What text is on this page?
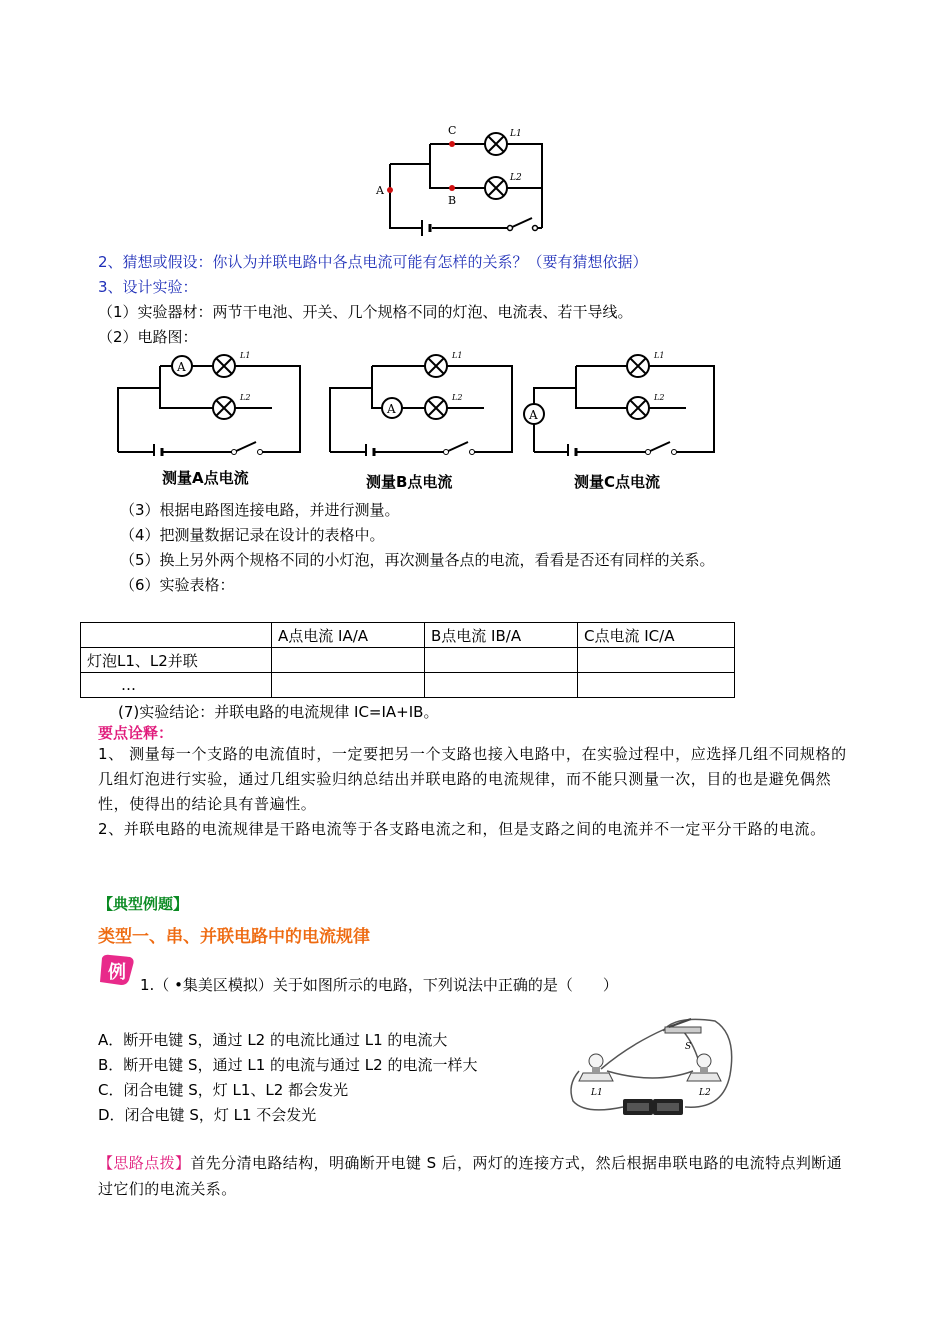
C
B
A
L1
L2
2、猜想或假设：你认为并联电路中各点电流可能有怎样的关系？（要有猜想依据）
3、设计实验：
（1）实验器材：两节干电池、开关、几个规格不同的灯泡、电流表、若干导线。
（2）电路图：
A
L1
L2
测量A点电流
A
L1
L2
测量B点电流
A
L1
L2
测量C点电流
（3）根据电路图连接电路，并进行测量。
（4）把测量数据记录在设计的表格中。
（5）换上另外两个规格不同的小灯泡，再次测量各点的电流，看看是否还有同样的关系。
（6）实验表格：
	A点电流 IA/A	B点电流 IB/A	C点电流 IC/A
灯泡L1、L2并联			
…			
(7)实验结论：并联电路的电流规律 IC=IA+IB。
要点诠释：
1、 测量每一个支路的电流值时，一定要把另一个支路也接入电路中，在实验过程中，应选择几组不同规格的几组灯泡进行实验，通过几组实验归纳总结出并联电路的电流规律，而不能只测量一次，目的也是避免偶然性，使得出的结论具有普遍性。
2、并联电路的电流规律是干路电流等于各支路电流之和，但是支路之间的电流并不一定平分干路的电流。
【典型例题】
类型一、串、并联电路中的电流规律
例
1.（ •集美区模拟）关于如图所示的电路，下列说法中正确的是（　　）
A．断开电键 S，通过 L2 的电流比通过 L1 的电流大
B．断开电键 S，通过 L1 的电流与通过 L2 的电流一样大
C．闭合电键 S，灯 L1、L2 都会发光
D．闭合电键 S，灯 L1 不会发光
S
L1	L2
【思路点拨】首先分清电路结构，明确断开电键 S 后，两灯的连接方式，然后根据串联电路的电流特点判断通过它们的电流关系。
